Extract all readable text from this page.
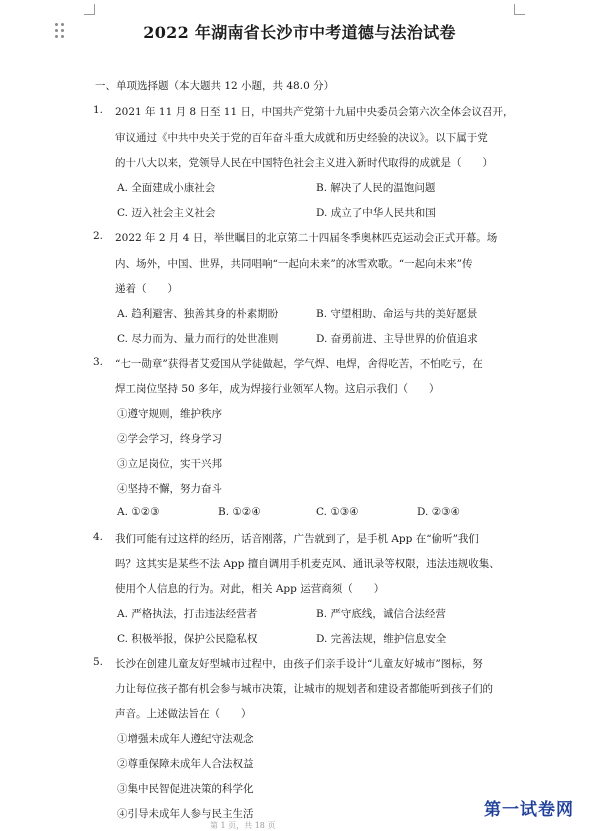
2022 年湖南省长沙市中考道德与法治试卷
一、单项选择题（本大题共 12 小题，共 48.0 分）
1. 2021 年 11 月 8 日至 11 日，中国共产党第十九届中央委员会第六次全体会议召开，
审议通过《中共中央关于党的百年奋斗重大成就和历史经验的决议》。以下属于党
的十八大以来，党领导人民在中国特色社会主义进入新时代取得的成就是（　　）
A. 全面建成小康社会	B. 解决了人民的温饱问题
C. 迈入社会主义社会	D. 成立了中华人民共和国
2. 2022 年 2 月 4 日，举世瞩目的北京第二十四届冬季奥林匹克运动会正式开幕。场
内、场外，中国、世界，共同唱响“一起向未来”的冰雪欢歌。“一起向未来”传
递着（　　）
A. 趋利避害、独善其身的朴素期盼	B. 守望相助、命运与共的美好愿景
C. 尽力而为、量力而行的处世准则	D. 奋勇前进、主导世界的价值追求
3. “七一勋章”获得者艾爱国从学徒做起，学气焊、电焊，舍得吃苦，不怕吃亏，在
焊工岗位坚持 50 多年，成为焊接行业领军人物。这启示我们（　　）
①遵守规则，维护秩序
②学会学习，终身学习
③立足岗位，实干兴邦
④坚持不懈，努力奋斗
A. ①②③	B. ①②④	C. ①③④	D. ②③④
4. 我们可能有过这样的经历，话音刚落，广告就到了，是手机 App 在“偷听”我们
吗？这其实是某些不法 App 擅自调用手机麦克风、通讯录等权限，违法违规收集、
使用个人信息的行为。对此，相关 App 运营商须（　　）
A. 严格执法，打击违法经营者	B. 严守底线，诚信合法经营
C. 积极举报，保护公民隐私权	D. 完善法规，维护信息安全
5. 长沙在创建儿童友好型城市过程中，由孩子们亲手设计“儿童友好城市”图标，努
力让每位孩子都有机会参与城市决策，让城市的规划者和建设者都能听到孩子们的
声音。上述做法旨在（　　）
①增强未成年人遵纪守法观念
②尊重保障未成年人合法权益
③集中民智促进决策的科学化
④引导未成年人参与民主生活	第一试卷网
第 1 页，共 18 页
